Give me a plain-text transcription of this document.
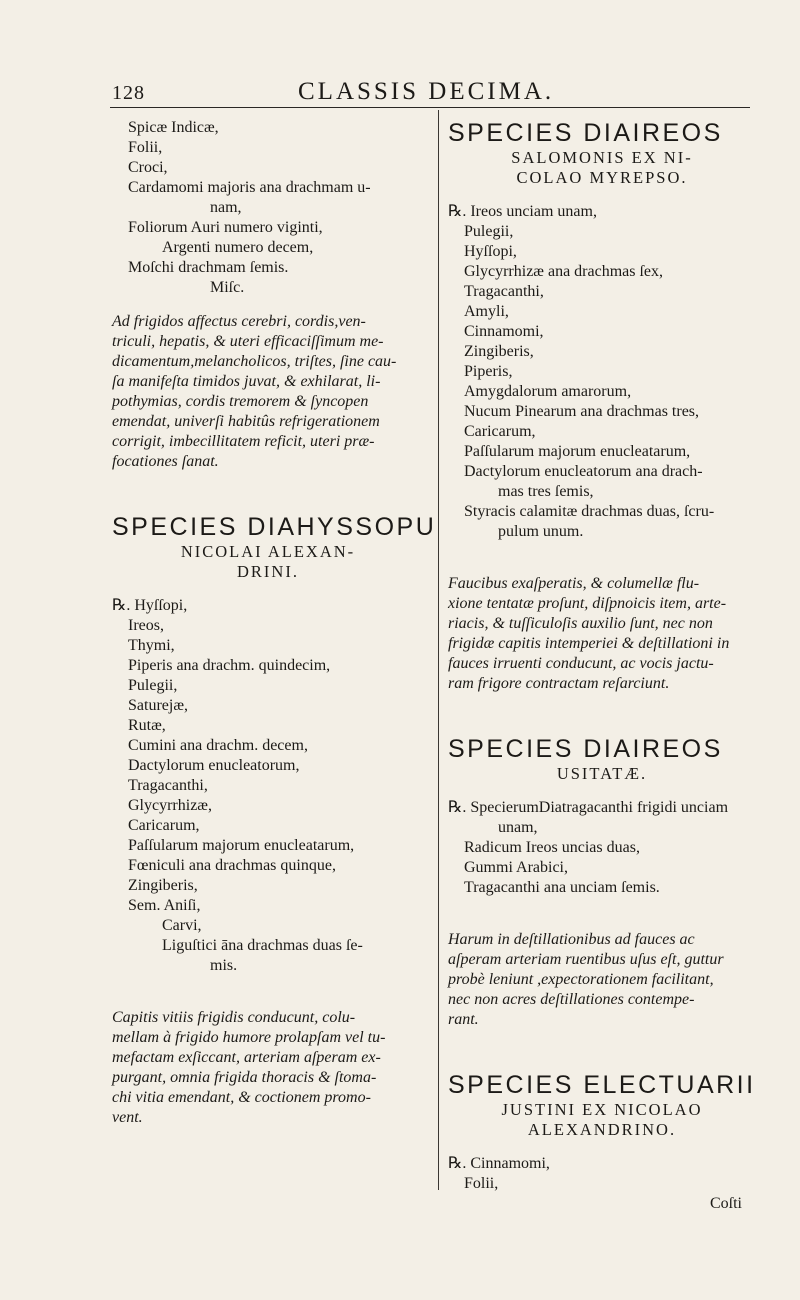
128	CLASSIS DECIMA.
Spicæ Indicæ,
Folii,
Croci,
Cardamomi majoris ana drachmam u-
nam,
Foliorum Auri numero viginti,
Argenti numero decem,
Moſchi drachmam ſemis.
Miſc.
Ad frigidos affectus cerebri, cordis,ven-
triculi, hepatis, & uteri efficaciſſimum me-
dicamentum,melancholicos, triſtes, ſine cau-
ſa manifeſta timidos juvat, & exhilarat, li-
pothymias, cordis tremorem & ſyncopen
emendat, univerſi habitûs refrigerationem
corrigit, imbecillitatem reficit, uteri præ-
focationes ſanat.
SPECIES DIAHYSSOPU
NICOLAI ALEXAN-
DRINI.
℞. Hyſſopi,
Ireos,
Thymi,
Piperis ana drachm. quindecim,
Pulegii,
Saturejæ,
Rutæ,
Cumini ana drachm. decem,
Dactylorum enucleatorum,
Tragacanthi,
Glycyrrhizæ,
Caricarum,
Paſſularum majorum enucleatarum,
Fœniculi ana drachmas quinque,
Zingiberis,
Sem. Aniſi,
Carvi,
Liguſtici āna drachmas duas ſe-
mis.
Capitis vitiis frigidis conducunt, colu-
mellam à frigido humore prolapſam vel tu-
mefactam exſiccant, arteriam aſperam ex-
purgant, omnia frigida thoracis & ſtoma-
chi vitia emendant, & coctionem promo-
vent.
SPECIES DIAIREOS
SALOMONIS EX NI-
COLAO MYREPSO.
℞. Ireos unciam unam,
Pulegii,
Hyſſopi,
Glycyrrhizæ ana drachmas ſex,
Tragacanthi,
Amyli,
Cinnamomi,
Zingiberis,
Piperis,
Amygdalorum amarorum,
Nucum Pinearum ana drachmas tres,
Caricarum,
Paſſularum majorum enucleatarum,
Dactylorum enucleatorum ana drach-
mas tres ſemis,
Styracis calamitæ drachmas duas, ſcru-
pulum unum.
Faucibus exaſperatis, & columellæ flu-
xione tentatæ proſunt, diſpnoicis item, arte-
riacis, & tuſſiculoſis auxilio ſunt, nec non
frigidæ capitis intemperiei & deſtillationi in
fauces irruenti conducunt, ac vocis jactu-
ram frigore contractam reſarciunt.
SPECIES DIAIREOS
USITATÆ.
℞. SpecierumDiatragacanthi frigidi unciam
unam,
Radicum Ireos uncias duas,
Gummi Arabici,
Tragacanthi ana unciam ſemis.
Harum in deſtillationibus ad fauces ac
aſperam arteriam ruentibus uſus eſt, guttur
probè leniunt ,expectorationem facilitant,
nec non acres deſtillationes contempe-
rant.
SPECIES ELECTUARII
JUSTINI EX NICOLAO
ALEXANDRINO.
℞. Cinnamomi,
Folii,
Coſti
